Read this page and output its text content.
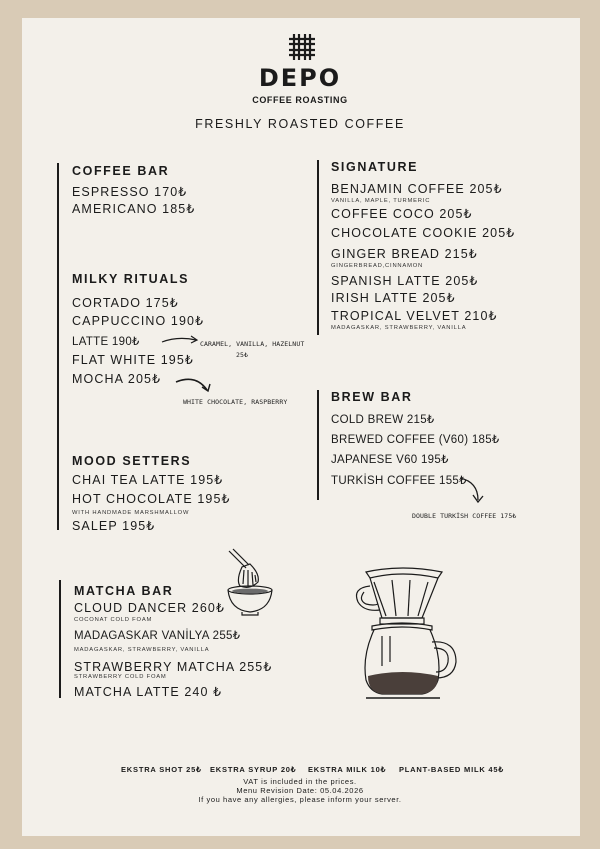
DEPO
COFFEE ROASTING
FRESHLY ROASTED COFFEE
COFFEE BAR
ESPRESSO 170₺
AMERICANO 185₺
MILKY RITUALS
CORTADO 175₺
CAPPUCCINO 190₺
LATTE 190₺
FLAT WHITE 195₺
MOCHA 205₺
CARAMEL, VANILLA, HAZELNUT
25₺
WHITE CHOCOLATE, RASPBERRY
MOOD SETTERS
CHAI TEA LATTE 195₺
HOT CHOCOLATE 195₺
WITH HANDMADE MARSHMALLOW
SALEP 195₺
MATCHA BAR
CLOUD DANCER 260₺
COCONAT COLD FOAM
MADAGASKAR VANİLYA 255₺
MADAGASKAR, STRAWBERRY, VANILLA
STRAWBERRY MATCHA 255₺
STRAWBERRY COLD FOAM
MATCHA LATTE 240 ₺
SIGNATURE
BENJAMIN COFFEE 205₺
VANILLA, MAPLE, TURMERIC
COFFEE COCO 205₺
CHOCOLATE COOKIE 205₺
GINGER BREAD 215₺
GINGERBREAD,CINNAMON
SPANISH LATTE 205₺
IRISH LATTE 205₺
TROPICAL VELVET 210₺
MADAGASKAR, STRAWBERRY, VANILLA
BREW BAR
COLD BREW 215₺
BREWED COFFEE (V60) 185₺
JAPANESE V60 195₺
TURKİSH COFFEE 155₺
DOUBLE TURKİSH COFFEE 175₺
EKSTRA SHOT 25₺ EKSTRA SYRUP 20₺ EKSTRA MILK 10₺ PLANT-BASED MILK 45₺
VAT is included in the prices.
Menu Revision Date: 05.04.2026
If you have any allergies, please inform your server.
